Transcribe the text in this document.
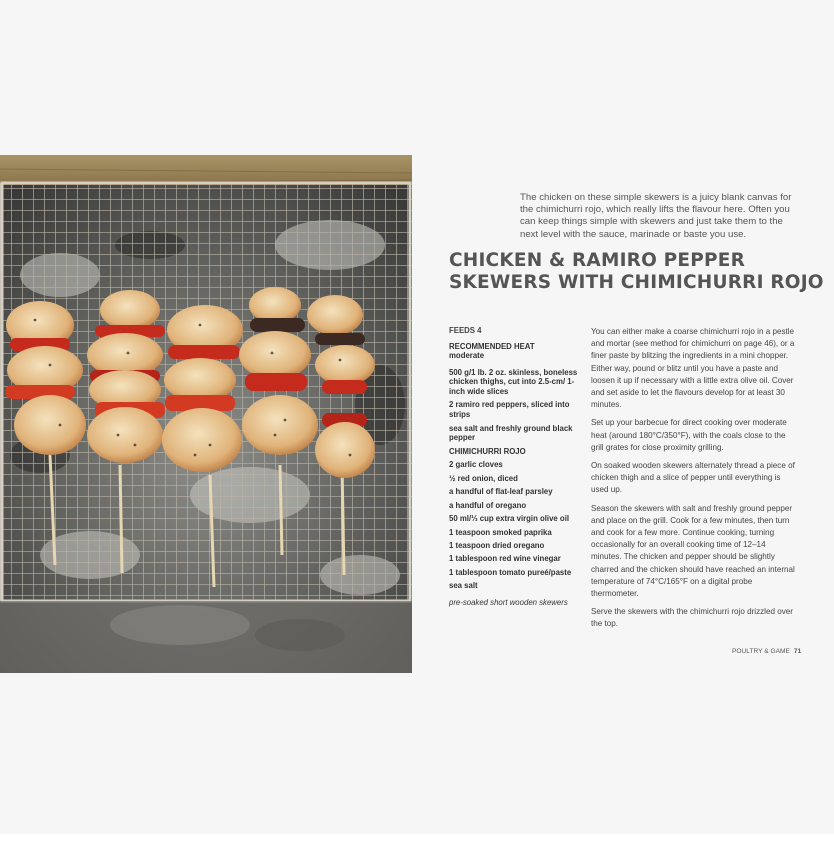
The chicken on these simple skewers is a juicy blank canvas for the chimichurri rojo, which really lifts the flavour here. Often you can keep things simple with skewers and just take them to the next level with the sauce, marinade or baste you use.
CHICKEN & RAMIRO PEPPER
SKEWERS WITH CHIMICHURRI ROJO
FEEDS 4
RECOMMENDED HEAT
moderate
500 g/1 lb. 2 oz. skinless, boneless chicken thighs, cut into 2.5-cm/ 1-inch wide slices
2 ramiro red peppers, sliced into strips
sea salt and freshly ground black pepper
CHIMICHURRI ROJO
2 garlic cloves
½ red onion, diced
a handful of flat-leaf parsley
a handful of oregano
50 ml/⅓ cup extra virgin olive oil
1 teaspoon smoked paprika
1 teaspoon dried oregano
1 tablespoon red wine vinegar
1 tablespoon tomato pureé/paste
sea salt
pre-soaked short wooden skewers

You can either make a coarse chimichurri rojo in a pestle and mortar (see method for chimichurri on page 46), or a finer paste by blitzing the ingredients in a mini chopper. Either way, pound or blitz until you have a paste and loosen it up if necessary with a little extra olive oil. Cover and set aside to let the flavours develop for at least 30 minutes.

Set up your barbecue for direct cooking over moderate heat (around 180°C/350°F), with the coals close to the grill grates for close proximity grilling.

On soaked wooden skewers alternately thread a piece of chicken thigh and a slice of pepper until everything is used up.

Season the skewers with salt and freshly ground pepper and place on the grill. Cook for a few minutes, then turn and cook for a few more. Continue cooking, turning occasionally for an overall cooking time of 12–14 minutes. The chicken and pepper should be slightly charred and the chicken should have reached an internal temperature of 74°C/165°F on a digital probe thermometer.

Serve the skewers with the chimichurri rojo drizzled over the top.

POULTRY & GAME 71
